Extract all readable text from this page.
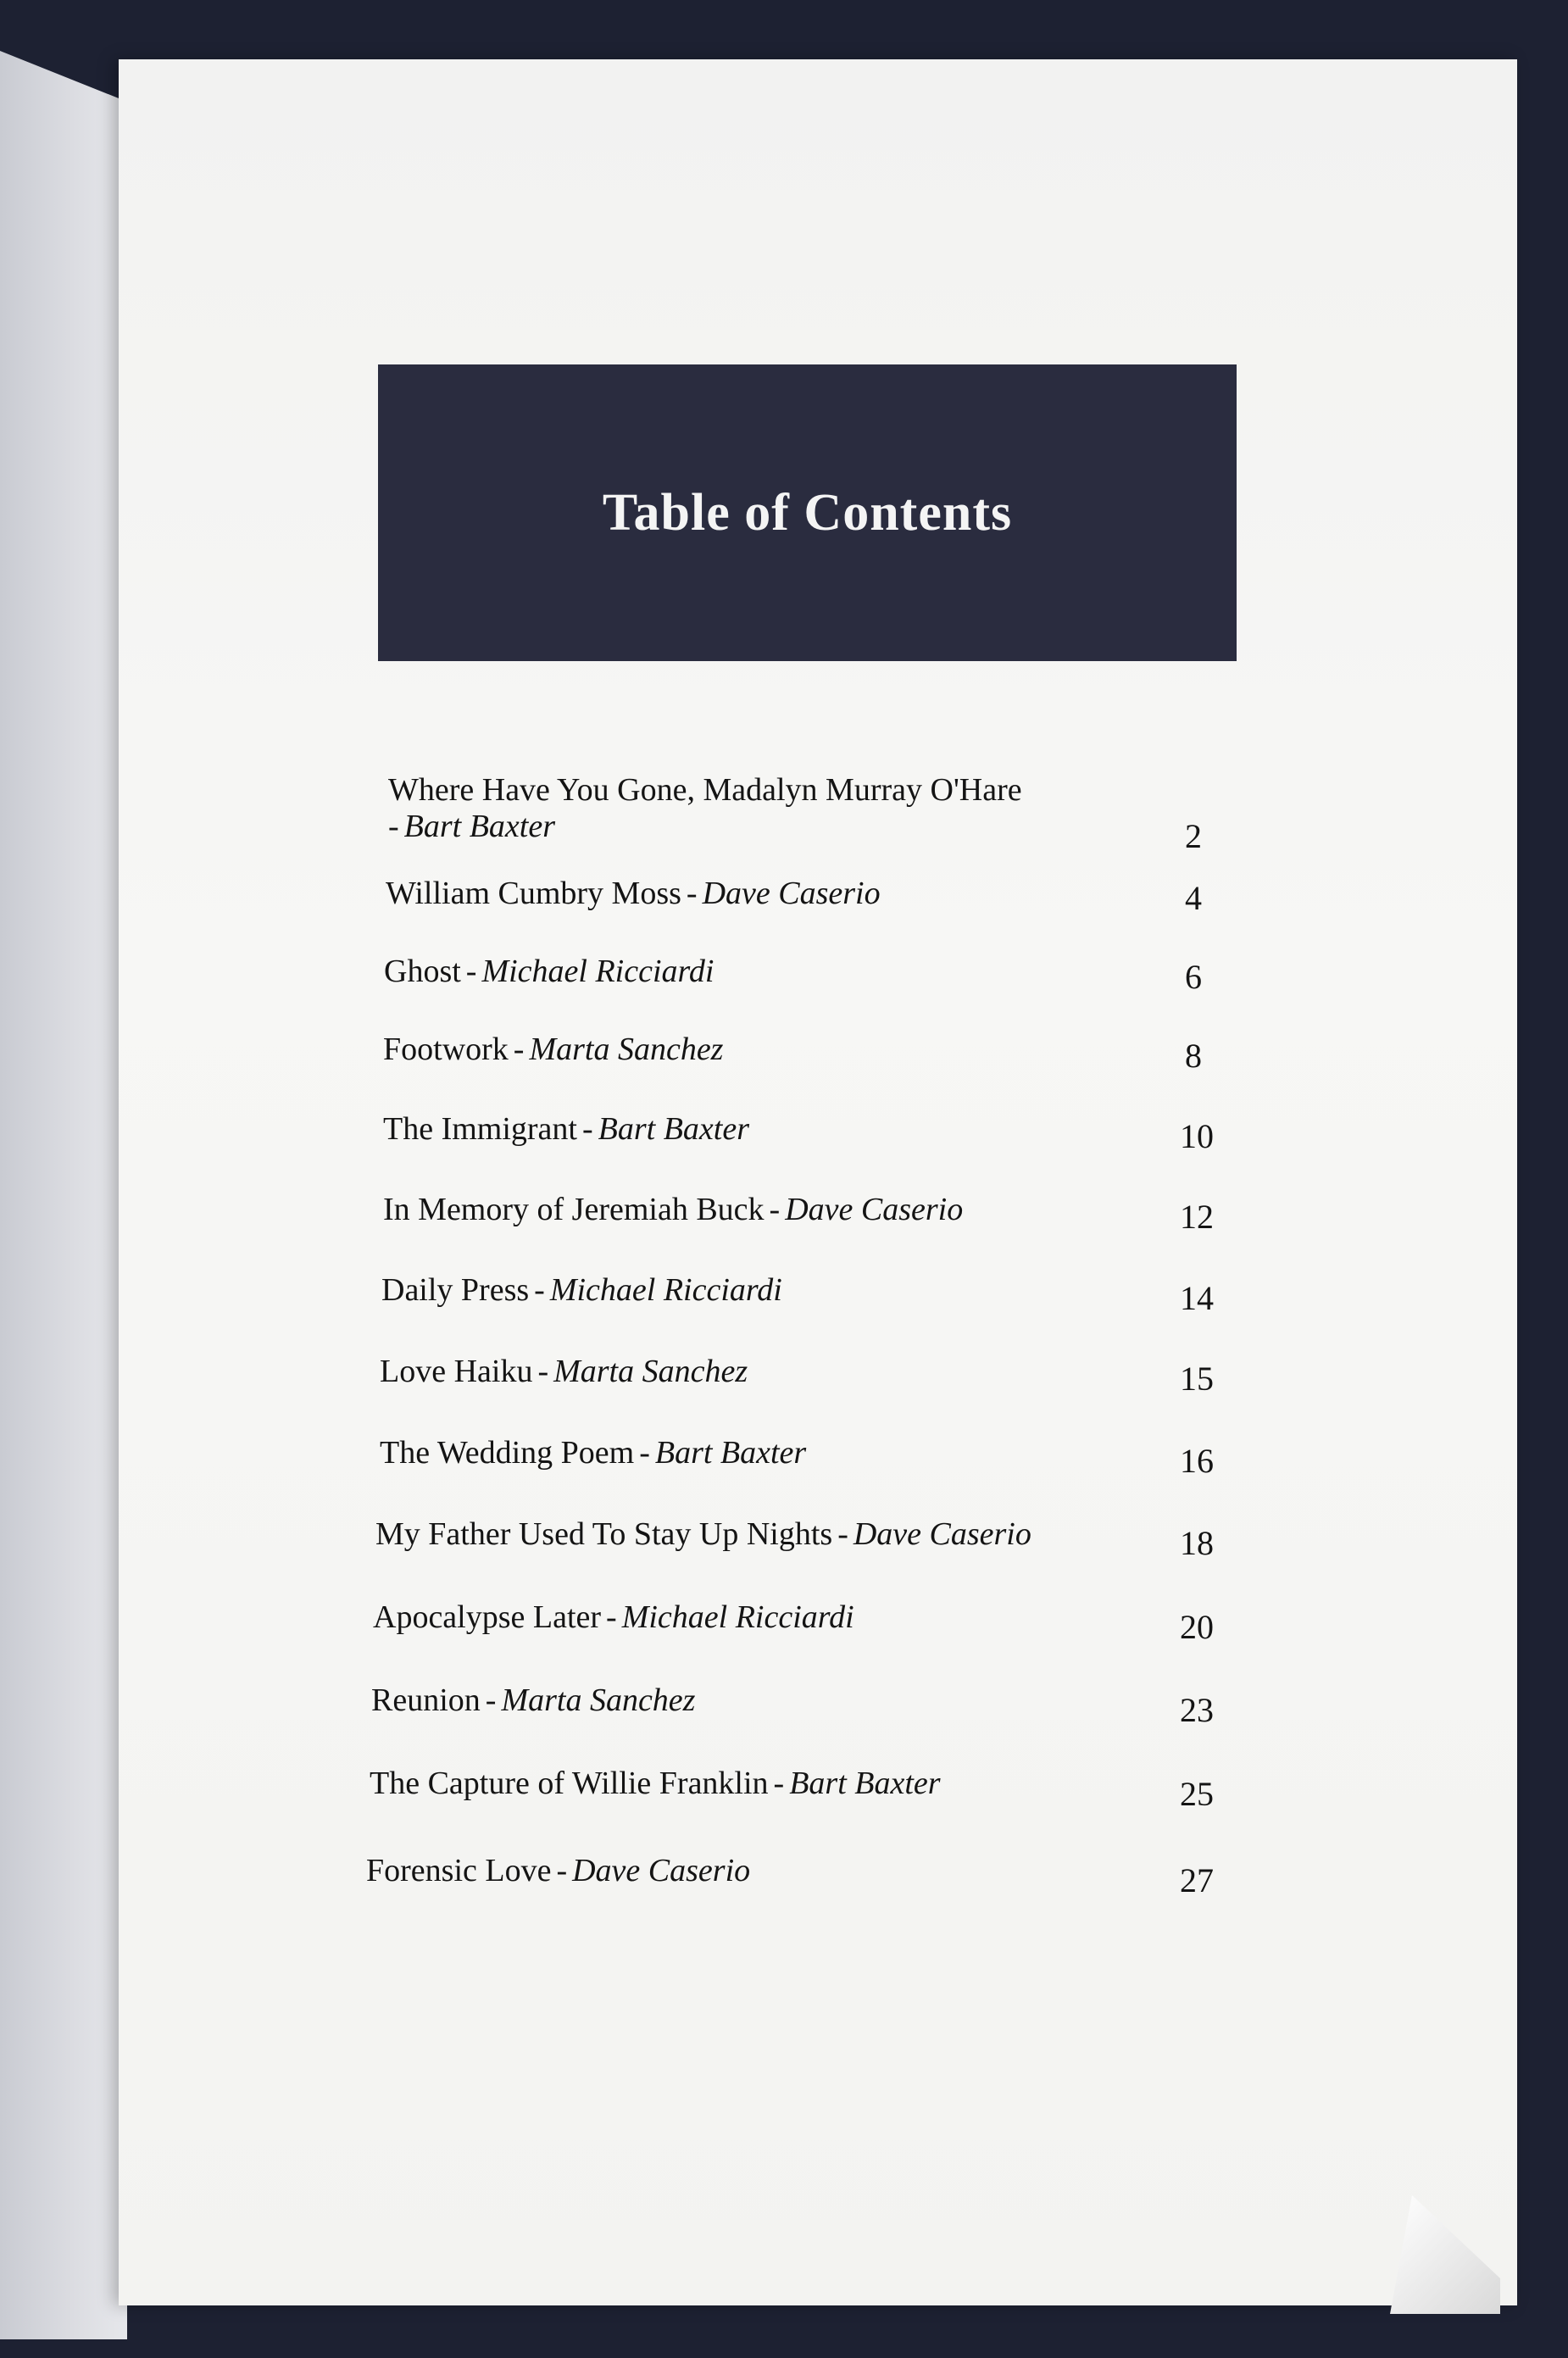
Table of Contents
Where Have You Gone, Madalyn Murray O'Hare
- Bart Baxter	2
William Cumbry Moss - Dave Caserio	4
Ghost - Michael Ricciardi	6
Footwork - Marta Sanchez	8
The Immigrant - Bart Baxter	10
In Memory of Jeremiah Buck - Dave Caserio	12
Daily Press - Michael Ricciardi	14
Love Haiku - Marta Sanchez	15
The Wedding Poem - Bart Baxter	16
My Father Used To Stay Up Nights - Dave Caserio	18
Apocalypse Later - Michael Ricciardi	20
Reunion - Marta Sanchez	23
The Capture of Willie Franklin - Bart Baxter	25
Forensic Love - Dave Caserio	27
